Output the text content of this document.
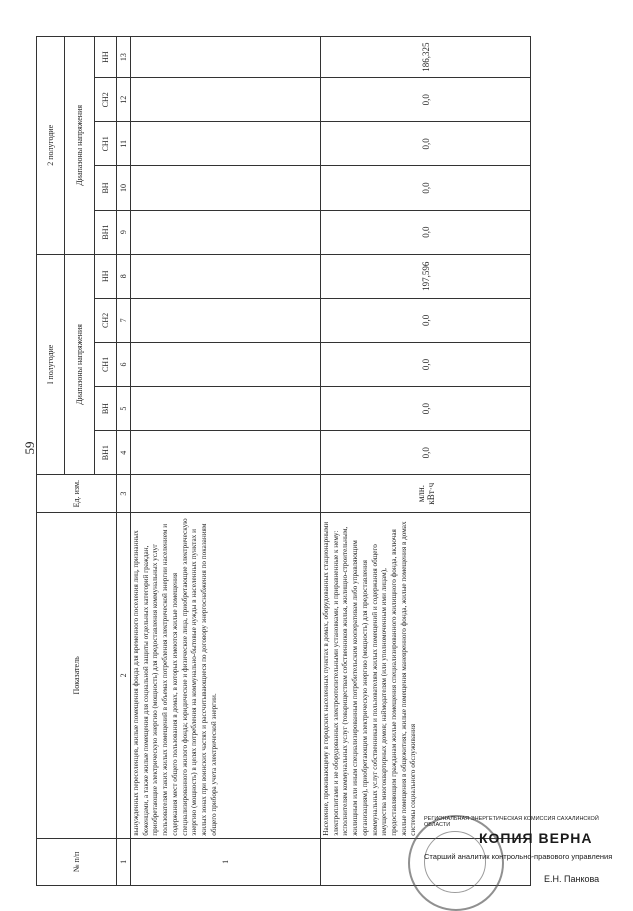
59
№ п/п	Показатель	Ед. изм.	I полугодие					2 полугодие				
			Диапазоны напряжения					Диапазоны напряжения				
			ВН1	ВН	СН1	СН2	НН	ВН1	ВН	СН1	СН2	НН
1	2	3	4	5	6	7	8	9	10	11	12	13
1	вынужденных переселенцев, жилые помещения фонда для временного поселения лиц, признанных беженцами, а также жилые помещения для социальной защиты отдельных категорий граждан, приобретающие электрическую энергию (мощность) для предоставления коммунальных услуг пользователям таких жилых помещений в объемах потребления электрической энергии населением и содержания мест общего пользования в домах, в которых имеются жилые помещения специализированного жилого фонда; юридические и физические лица, приобретающие электрическую энергию (мощность) в целях потребления на коммунально-бытовые нужды в населенных пунктах и жилых зонах при воинских частях и рассчитывающиеся по договору энергоснабжения по показаниям общего прибора учета электрической энергии.											
	Население, проживающему в городских населенных пунктах в домах, оборудованных стационарными электроплитами и не оборудованных электроотопительными установками, и приравненные к нему: исполнителям коммунальных услуг (товариществам собственников жилья, жилищно-строительным, жилищным или иным специализированным потребительским кооперативам либо управляющим организациям), приобретающим электрическую энергию (мощность) для предоставления коммунальных услуг собственникам и пользователям жилых помещений и содержания общего имущества многоквартирных домов; наймодателям (или уполномоченным ими лицам), предоставляющим гражданам жилые помещения специализированного жилищного фонда, включая жилые помещения в общежитиях, жилые помещения маневренного фонда, жилые помещения в домах системы социального обслуживания	млн. кВт·ч	0,0	0,0	0,0	0,0	197,596	0,0	0,0	0,0	0,0	186,325
РЕГИОНАЛЬНАЯ ЭНЕРГЕТИЧЕСКАЯ КОМИССИЯ САХАЛИНСКОЙ ОБЛАСТИ
КОПИЯ ВЕРНА
Старший аналитик контрольно-правового управления
Е.Н. Панкова
